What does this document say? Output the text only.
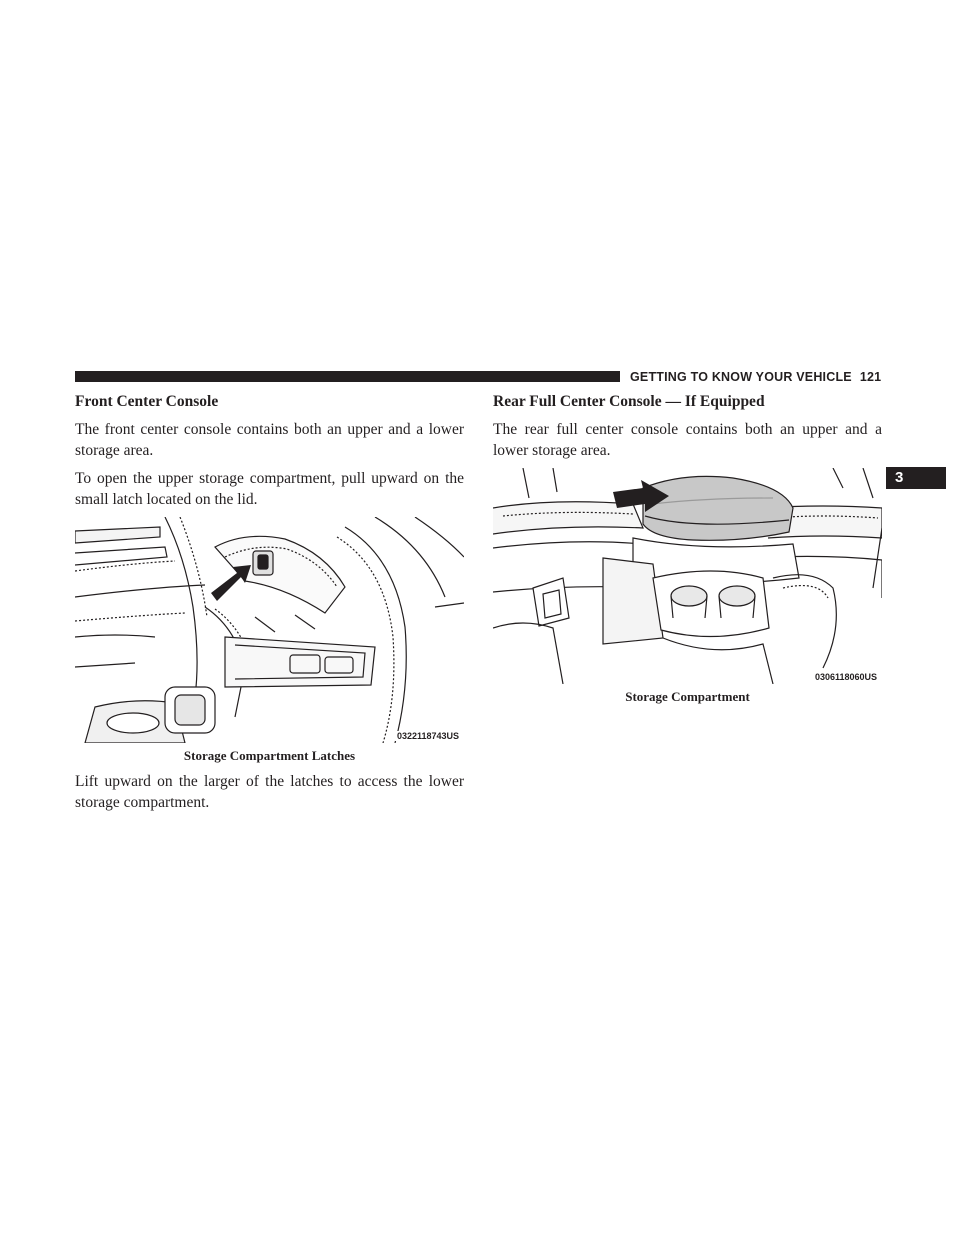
GETTING TO KNOW YOUR VEHICLE 121
3
Front Center Console

The front center console contains both an upper and a lower storage area.

To open the upper storage compartment, pull upward on the small latch located on the lid.

0322118743US
Storage Compartment Latches

Lift upward on the larger of the latches to access the lower storage compartment.

Rear Full Center Console — If Equipped

The rear full center console contains both an upper and a lower storage area.

0306118060US
Storage Compartment
